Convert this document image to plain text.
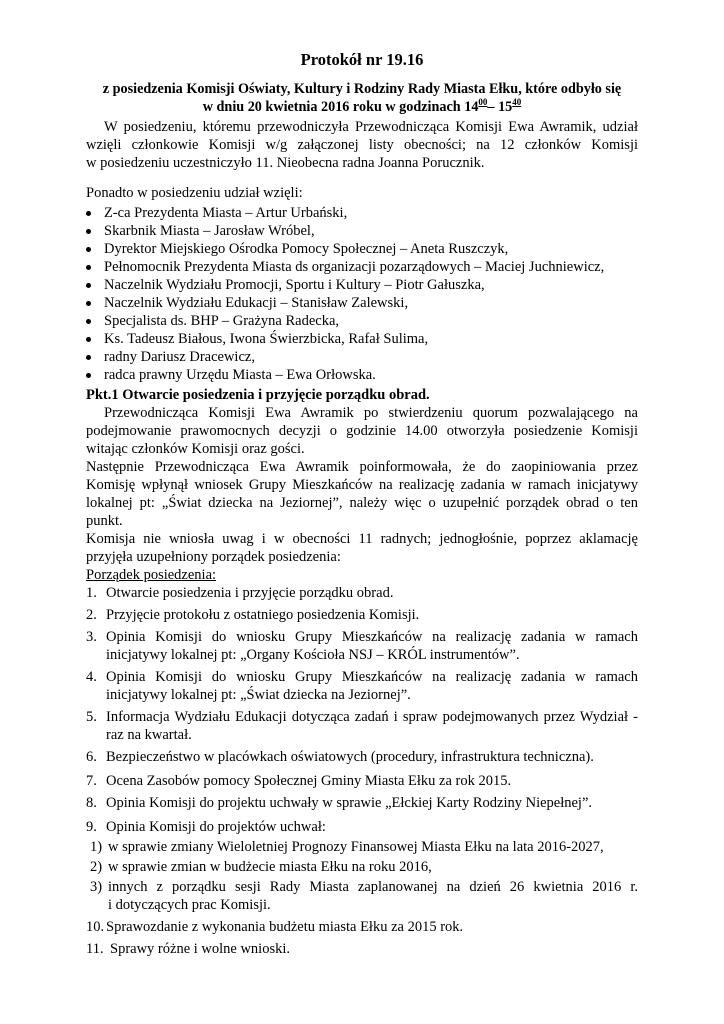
Protokół nr 19.16
z posiedzenia Komisji Oświaty, Kultury i Rodziny Rady Miasta Ełku, które odbyło się
w dniu 20 kwietnia 2016 roku w godzinach $14^{00}-$ $15^{40}$
W posiedzeniu, któremu przewodniczyła Przewodnicząca Komisji Ewa Awramik, udział
wzięli członkowie Komisji w/g załączonej listy obecności; na 12 członków Komisji
w posiedzeniu uczestniczyło 11. Nieobecna radna Joanna Porucznik.
Ponadto w posiedzeniu udział wzięli:
Z-ca Prezydenta Miasta – Artur Urbański,
Skarbnik Miasta – Jarosław Wróbel,
Dyrektor Miejskiego Ośrodka Pomocy Społecznej – Aneta Ruszczyk,
Pełnomocnik Prezydenta Miasta ds organizacji pozarządowych – Maciej Juchniewicz,
Naczelnik Wydziału Promocji, Sportu i Kultury – Piotr Gałuszka,
Naczelnik Wydziału Edukacji – Stanisław Zalewski,
Specjalista ds. BHP – Grażyna Radecka,
Ks. Tadeusz Białous, Iwona Świerzbicka, Rafał Sulima,
radny Dariusz Dracewicz,
radca prawny Urzędu Miasta – Ewa Orłowska.
Pkt.1 Otwarcie posiedzenia i przyjęcie porządku obrad.
Przewodnicząca Komisji Ewa Awramik po stwierdzeniu quorum pozwalającego na
podejmowanie prawomocnych decyzji o godzinie 14.00 otworzyła posiedzenie Komisji
witając członków Komisji oraz gości.
Następnie Przewodnicząca Ewa Awramik poinformowała, że do zaopiniowania przez
Komisję wpłynął wniosek Grupy Mieszkańców na realizację zadania w ramach inicjatywy
lokalnej pt: „Świat dziecka na Jeziornej”, należy więc o uzupełnić porządek obrad o ten
punkt.
Komisja nie wniosła uwag i w obecności 11 radnych; jednogłośnie, poprzez aklamację
przyjęła uzupełniony porządek posiedzenia:
Porządek posiedzenia:
1. Otwarcie posiedzenia i przyjęcie porządku obrad.
2. Przyjęcie protokołu z ostatniego posiedzenia Komisji.
3. Opinia Komisji do wniosku Grupy Mieszkańców na realizację zadania w ramach
inicjatywy lokalnej pt: „Organy Kościoła NSJ – KRÓL instrumentów”.
4. Opinia Komisji do wniosku Grupy Mieszkańców na realizację zadania w ramach
inicjatywy lokalnej pt: „Świat dziecka na Jeziornej”.
5. Informacja Wydziału Edukacji dotycząca zadań i spraw podejmowanych przez Wydział -
raz na kwartał.
6. Bezpieczeństwo w placówkach oświatowych (procedury, infrastruktura techniczna).
7. Ocena Zasobów pomocy Społecznej Gminy Miasta Ełku za rok 2015.
8. Opinia Komisji do projektu uchwały w sprawie „Ełckiej Karty Rodziny Niepełnej”.
9. Opinia Komisji do projektów uchwał:
1) w sprawie zmiany Wieloletniej Prognozy Finansowej Miasta Ełku na lata 2016-2027,
2) w sprawie zmian w budżecie miasta Ełku na roku 2016,
3) innych z porządku sesji Rady Miasta zaplanowanej na dzień 26 kwietnia 2016 r.
i dotyczących prac Komisji.
10. Sprawozdanie z wykonania budżetu miasta Ełku za 2015 rok.
11. Sprawy różne i wolne wnioski.
